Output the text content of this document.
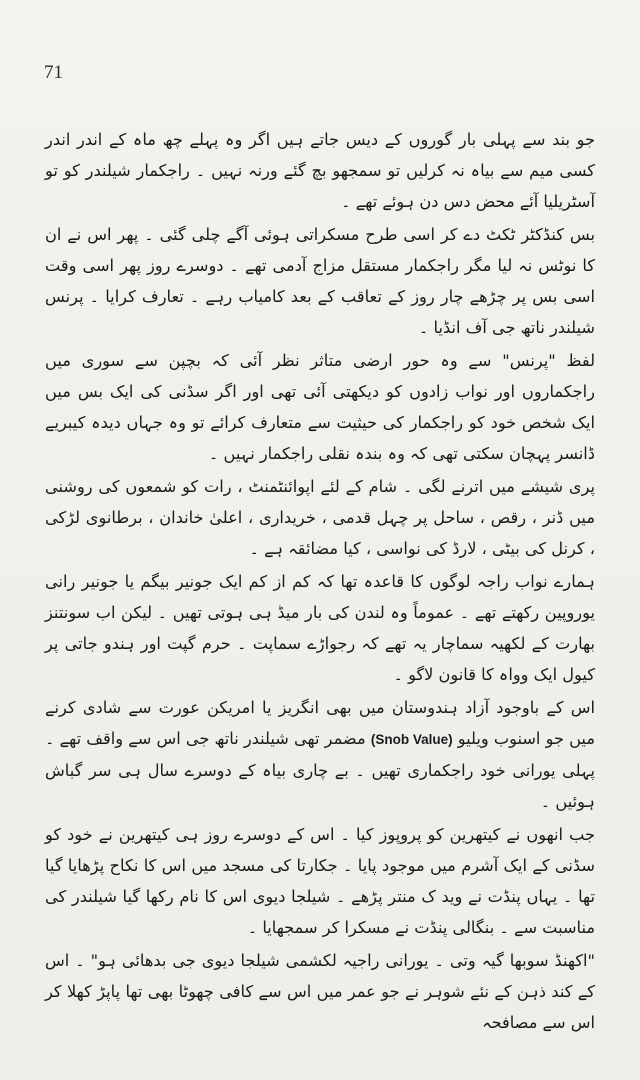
71

جو بند سے پہلی بار گوروں کے دیس جاتے ہیں اگر وہ پہلے چھ ماہ کے اندر اندر کسی میم سے بیاہ نہ کرلیں تو سمجھو بچ گئے ورنہ نہیں ۔ راجکمار شیلندر کو تو آسٹریلیا آئے محض دس دن ہوئے تھے ۔

بس کنڈکٹر ٹکٹ دے کر اسی طرح مسکراتی ہوئی آگے چلی گئی ۔ پھر اس نے ان کا نوٹس نہ لیا مگر راجکمار مستقل مزاج آدمی تھے ۔ دوسرے روز پھر اسی وقت اسی بس پر چڑھے چار روز کے تعاقب کے بعد کامیاب رہے ۔ تعارف کرایا ۔ پرنس شیلندر ناتھ جی آف انڈیا ۔

لفظ "پرنس" سے وہ حور ارضی متاثر نظر آئی کہ بچپن سے سوری میں راجکماروں اور نواب زادوں کو دیکھتی آئی تھی اور اگر سڈنی کی ایک بس میں ایک شخص خود کو راجکمار کی حیثیت سے متعارف کرائے تو وہ جہاں دیدہ کیبریے ڈانسر پہچان سکتی تھی کہ وہ بندہ نقلی راجکمار نہیں ۔

پری شیشے میں اترنے لگی ۔ شام کے لئے اپوائنٹمنٹ ، رات کو شمعوں کی روشنی میں ڈنر ، رقص ، ساحل پر چہل قدمی ، خریداری ، اعلیٰ خاندان ، برطانوی لڑکی ، کرنل کی بیٹی ، لارڈ کی نواسی ، کیا مضائقہ ہے ۔

ہمارے نواب راجہ لوگوں کا قاعدہ تھا کہ کم از کم ایک جونیر بیگم یا جونیر رانی یوروپین رکھتے تھے ۔ عموماً وہ لندن کی بار میڈ ہی ہوتی تھیں ۔ لیکن اب سونتنز بھارت کے لکھیہ سماچار یہ تھے کہ رجواڑے سماپت ۔ حرم گپت اور ہندو جاتی پر کیول ایک وواہ کا قانون لاگو ۔

اس کے باوجود آزاد ہندوستان میں بھی انگریز یا امریکن عورت سے شادی کرنے میں جو اسنوب ویلیو (Snob Value) مضمر تھی شیلندر ناتھ جی اس سے واقف تھے ۔ پہلی یورانی خود راجکماری تھیں ۔ بے چاری بیاہ کے دوسرے سال ہی سر گباش ہوئیں ۔

جب انھوں نے کیتھرین کو پروپوز کیا ۔ اس کے دوسرے روز ہی کیتھرین نے خود کو سڈنی کے ایک آشرم میں موجود پایا ۔ جکارتا کی مسجد میں اس کا نکاح پڑھایا گیا تھا ۔ یہاں پنڈت نے وید ک منتر پڑھے ۔ شیلجا دیوی اس کا نام رکھا گیا شیلندر کی مناسبت سے ۔ بنگالی پنڈت نے مسکرا کر سمجھایا ۔

"اکھنڈ سوبھا گیہ وتی ۔ یورانی راجیہ لکشمی شیلجا دیوی جی بدھائی ہو" ۔ اس کے کند ذہن کے نئے شوہر نے جو عمر میں اس سے کافی چھوٹا بھی تھا پاپڑ کھلا کر اس سے مصافحہ
